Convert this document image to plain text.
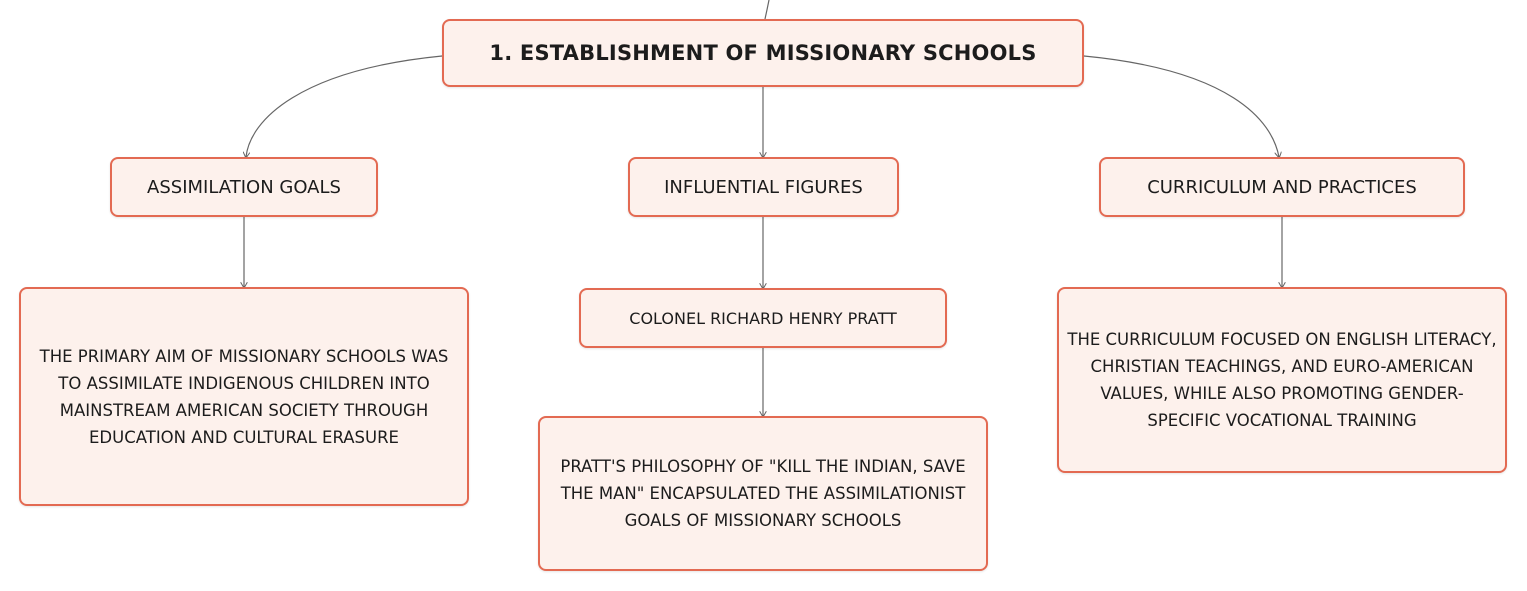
1. ESTABLISHMENT OF MISSIONARY SCHOOLS
ASSIMILATION GOALS	INFLUENTIAL FIGURES	CURRICULUM AND PRACTICES
THE PRIMARY AIM OF MISSIONARY SCHOOLS WAS TO ASSIMILATE INDIGENOUS CHILDREN INTO MAINSTREAM AMERICAN SOCIETY THROUGH EDUCATION AND CULTURAL ERASURE
COLONEL RICHARD HENRY PRATT
PRATT'S PHILOSOPHY OF "KILL THE INDIAN, SAVE THE MAN" ENCAPSULATED THE ASSIMILATIONIST GOALS OF MISSIONARY SCHOOLS
THE CURRICULUM FOCUSED ON ENGLISH LITERACY, CHRISTIAN TEACHINGS, AND EURO-AMERICAN VALUES, WHILE ALSO PROMOTING GENDER-SPECIFIC VOCATIONAL TRAINING
